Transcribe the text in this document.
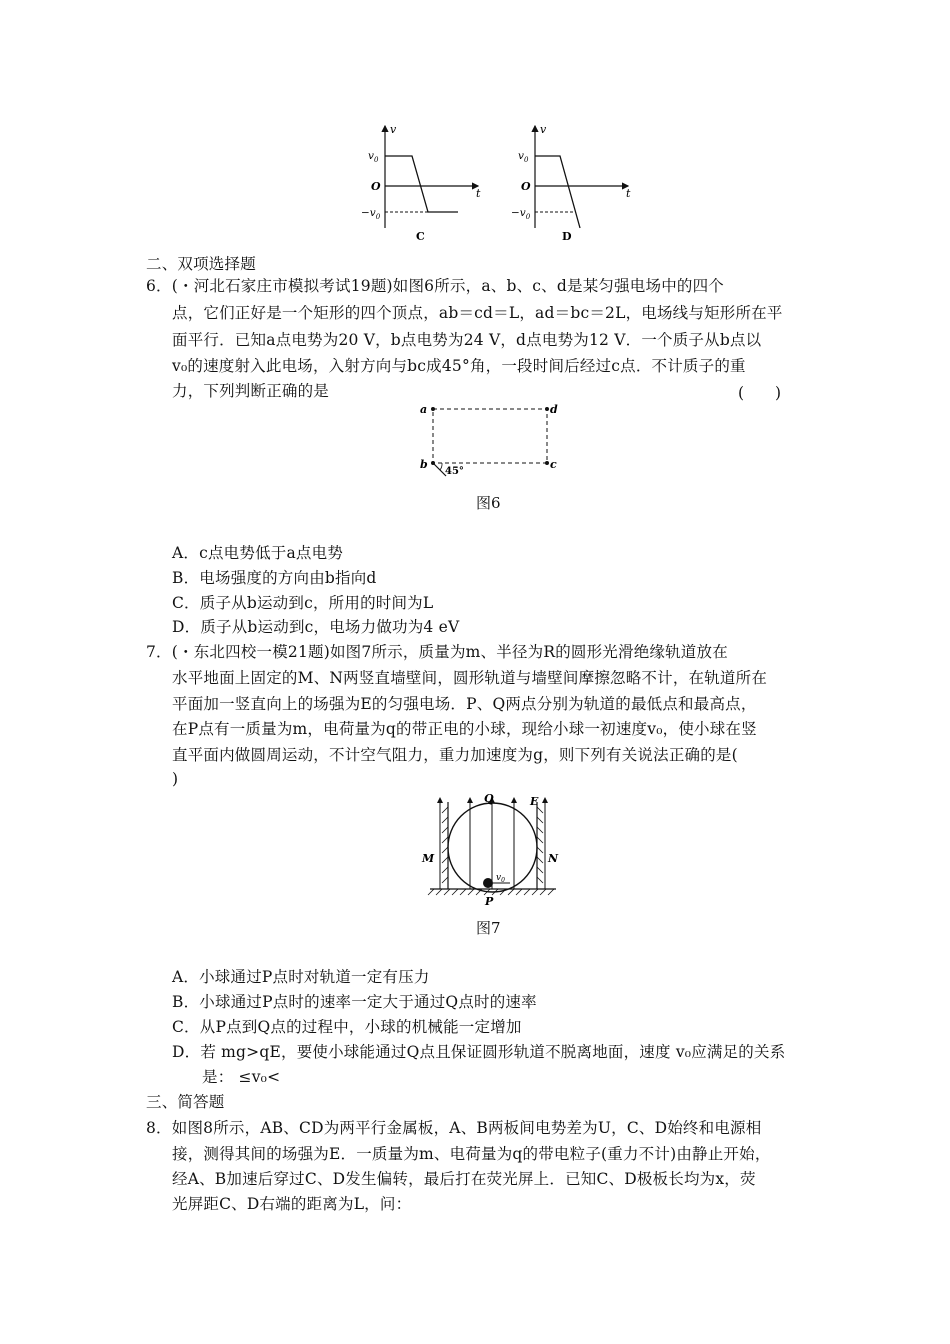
v
t
O
$v_0$
$-v_0$
C
v
t
O
$v_0$
$-v_0$
D
二、双项选择题
6．(・河北石家庄市模拟考试19题)如图6所示，a、b、c、d是某匀强电场中的四个
点，它们正好是一个矩形的四个顶点，ab＝cd＝L，ad＝bc＝2L，电场线与矩形所在平
面平行．已知a点电势为20 V，b点电势为24 V，d点电势为12 V．一个质子从b点以
v₀的速度射入此电场，入射方向与bc成45°角，一段时间后经过c点．不计质子的重
力，下列判断正确的是	(　　)
a	d
b	c
45°
图6
A．c点电势低于a点电势
B．电场强度的方向由b指向d
C．质子从b运动到c，所用的时间为L
D．质子从b运动到c，电场力做功为4 eV
7．(・东北四校一模21题)如图7所示，质量为m、半径为R的圆形光滑绝缘轨道放在
水平地面上固定的M、N两竖直墙壁间，圆形轨道与墙壁间摩擦忽略不计，在轨道所在
平面加一竖直向上的场强为E的匀强电场．P、Q两点分别为轨道的最低点和最高点，
在P点有一质量为m，电荷量为q的带正电的小球，现给小球一初速度v₀，使小球在竖
直平面内做圆周运动，不计空气阻力，重力加速度为g，则下列有关说法正确的是(
)
$v_0$
Q	E
M	N
P
图7
A．小球通过P点时对轨道一定有压力
B．小球通过P点时的速率一定大于通过Q点时的速率
C．从P点到Q点的过程中，小球的机械能一定增加
D．若 mg>qE，要使小球能通过Q点且保证圆形轨道不脱离地面，速度 v₀应满足的关系
是： ≤v₀<
三、简答题
8．如图8所示，AB、CD为两平行金属板，A、B两板间电势差为U，C、D始终和电源相
接，测得其间的场强为E．一质量为m、电荷量为q的带电粒子(重力不计)由静止开始，
经A、B加速后穿过C、D发生偏转，最后打在荧光屏上．已知C、D极板长均为x，荧
光屏距C、D右端的距离为L，问：
